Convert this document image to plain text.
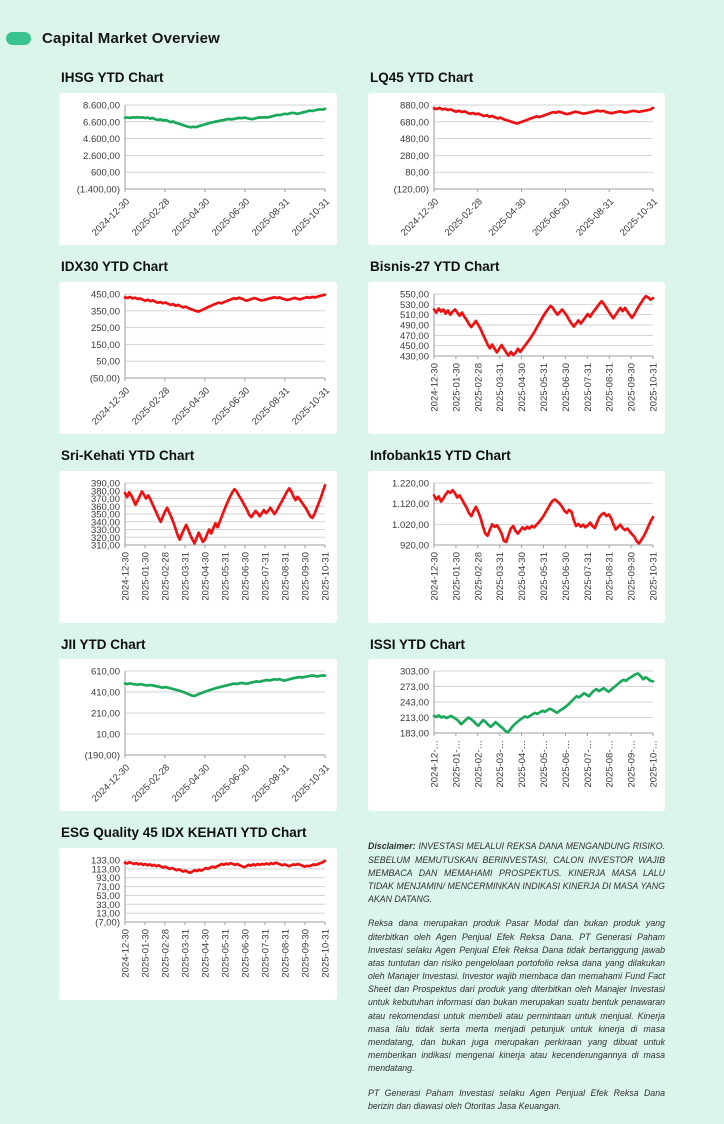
Capital Market Overview
IHSG YTD Chart
8.600,00
6.600,00
4.600,00
2.600,00
600,00
(1.400,00)
2024-12-30
2025-02-28
2025-04-30
2025-06-30
2025-08-31
2025-10-31
LQ45 YTD Chart
880,00
680,00
480,00
280,00
80,00
(120,00)
2024-12-30 2025-02-28 2025-04-30 2025-06-30 2025-08-31 2025-10-31
IDX30 YTD Chart
450,00
350,00
250,00
150,00
50,00
(50,00)
2024-12-30
2025-02-28
2025-04-30
2025-06-30
2025-08-31
2025-10-31
Bisnis-27 YTD Chart
550,00
530,00
510,00
490,00
470,00
450,00
430,00
2024-12-30 2025-01-30 2025-02-28 2025-03-31 2025-04-30 2025-05-31 2025-06-30 2025-07-31 2025-08-31 2025-09-30 2025-10-31
Sri-Kehati YTD Chart
390,00
380,00
370,00
360,00
350,00
340,00
330,00
320,00
310,00
2024-12-30 2025-01-30 2025-02-28 2025-03-31 2025-04-30 2025-05-31 2025-06-30 2025-07-31 2025-08-31 2025-09-30 2025-10-31
Infobank15 YTD Chart
1.220,00
1.120,00
1.020,00
920,00
2024-12-30 2025-01-30 2025-02-28 2025-03-31 2025-04-30 2025-05-31 2025-06-30 2025-07-31 2025-08-31 2025-09-30 2025-10-31
JII YTD Chart
610,00
410,00
210,00
10,00
(190,00)
2024-12-30
2025-02-28
2025-04-30
2025-06-30
2025-08-31
2025-10-31
ISSI YTD Chart
303,00
273,00
243,00
213,00
183,00
2024-12-… 2025-01-… 2025-02-… 2025-03-… 2025-04-… 2025-05-… 2025-06-… 2025-07-… 2025-08-… 2025-09-… 2025-10-…
ESG Quality 45 IDX KEHATI YTD Chart
133,00
113,00
93,00
73,00
53,00
33,00
13,00
(7,00)
2024-12-30 2025-01-30 2025-02-28 2025-03-31 2025-04-30 2025-05-31 2025-06-30 2025-07-31 2025-08-31 2025-09-30 2025-10-31

Disclaimer: INVESTASI MELALUI REKSA DANA MENGANDUNG RISIKO. SEBELUM MEMUTUSKAN BERINVESTASI, CALON INVESTOR WAJIB MEMBACA DAN MEMAHAMI PROSPEKTUS. KINERJA MASA LALU TIDAK MENJAMIN/ MENCERMINKAN INDIKASI KINERJA DI MASA YANG AKAN DATANG.

Reksa dana merupakan produk Pasar Modal dan bukan produk yang diterbitkan oleh Agen Penjual Efek Reksa Dana. PT Generasi Paham Investasi selaku Agen Penjual Efek Reksa Dana tidak bertanggung jawab atas tuntutan dan risiko pengelolaan portofolio reksa dana yang dilakukan oleh Manajer Investasi. Investor wajib membaca dan memahami Fund Fact Sheet dan Prospektus dari produk yang diterbitkan oleh Manajer Investasi untuk kebutuhan informasi dan bukan merupakan suatu bentuk penawaran atau rekomendasi untuk membeli atau permintaan untuk menjual. Kinerja masa lalu tidak serta merta menjadi petunjuk untuk kinerja di masa mendatang, dan bukan juga merupakan perkiraan yang dibuat untuk memberikan indikasi mengenai kinerja atau kecenderungannya di masa mendatang.

PT Generasi Paham Investasi selaku Agen Penjual Efek Reksa Dana berizin dan diawasi oleh Otoritas Jasa Keuangan.
